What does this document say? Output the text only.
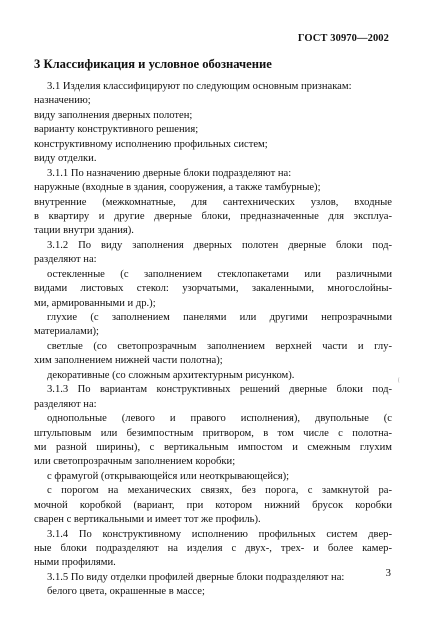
ГОСТ 30970—2002
3 Классификация и условное обозначение
3.1 Изделия классифицируют по следующим основным признакам:
назначению;
виду заполнения дверных полотен;
варианту конструктивного решения;
конструктивному исполнению профильных систем;
виду отделки.
3.1.1 По назначению дверные блоки подразделяют на:
наружные (входные в здания, сооружения, а также тамбурные);
внутренние (межкомнатные, для сантехнических узлов, входные
в квартиру и другие дверные блоки, предназначенные для эксплуа-
тации внутри здания).
3.1.2 По виду заполнения дверных полотен дверные блоки под-
разделяют на:
остекленные (с заполнением стеклопакетами или различными
видами листовых стекол: узорчатыми, закаленными, многослойны-
ми, армированными и др.);
глухие (с заполнением панелями или другими непрозрачными
материалами);
светлые (со светопрозрачным заполнением верхней части и глу-
хим заполнением нижней части полотна);
декоративные (со сложным архитектурным рисунком).
3.1.3 По вариантам конструктивных решений дверные блоки под-
разделяют на:
однопольные (левого и правого исполнения), двупольные (с
штульповым или безимпостным притвором, в том числе с полотна-
ми разной ширины), с вертикальным импостом и смежным глухим
или светопрозрачным заполнением коробки;
с фрамугой (открывающейся или неоткрывающейся);
с порогом на механических связях, без порога, с замкнутой ра-
мочной коробкой (вариант, при котором нижний брусок коробки
сварен с вертикальными и имеет тот же профиль).
3.1.4 По конструктивному исполнению профильных систем двер-
ные блоки подразделяют на изделия с двух-, трех- и более камер-
ными профилями.
3.1.5 По виду отделки профилей дверные блоки подразделяют на:
белого цвета, окрашенные в массе;
3
